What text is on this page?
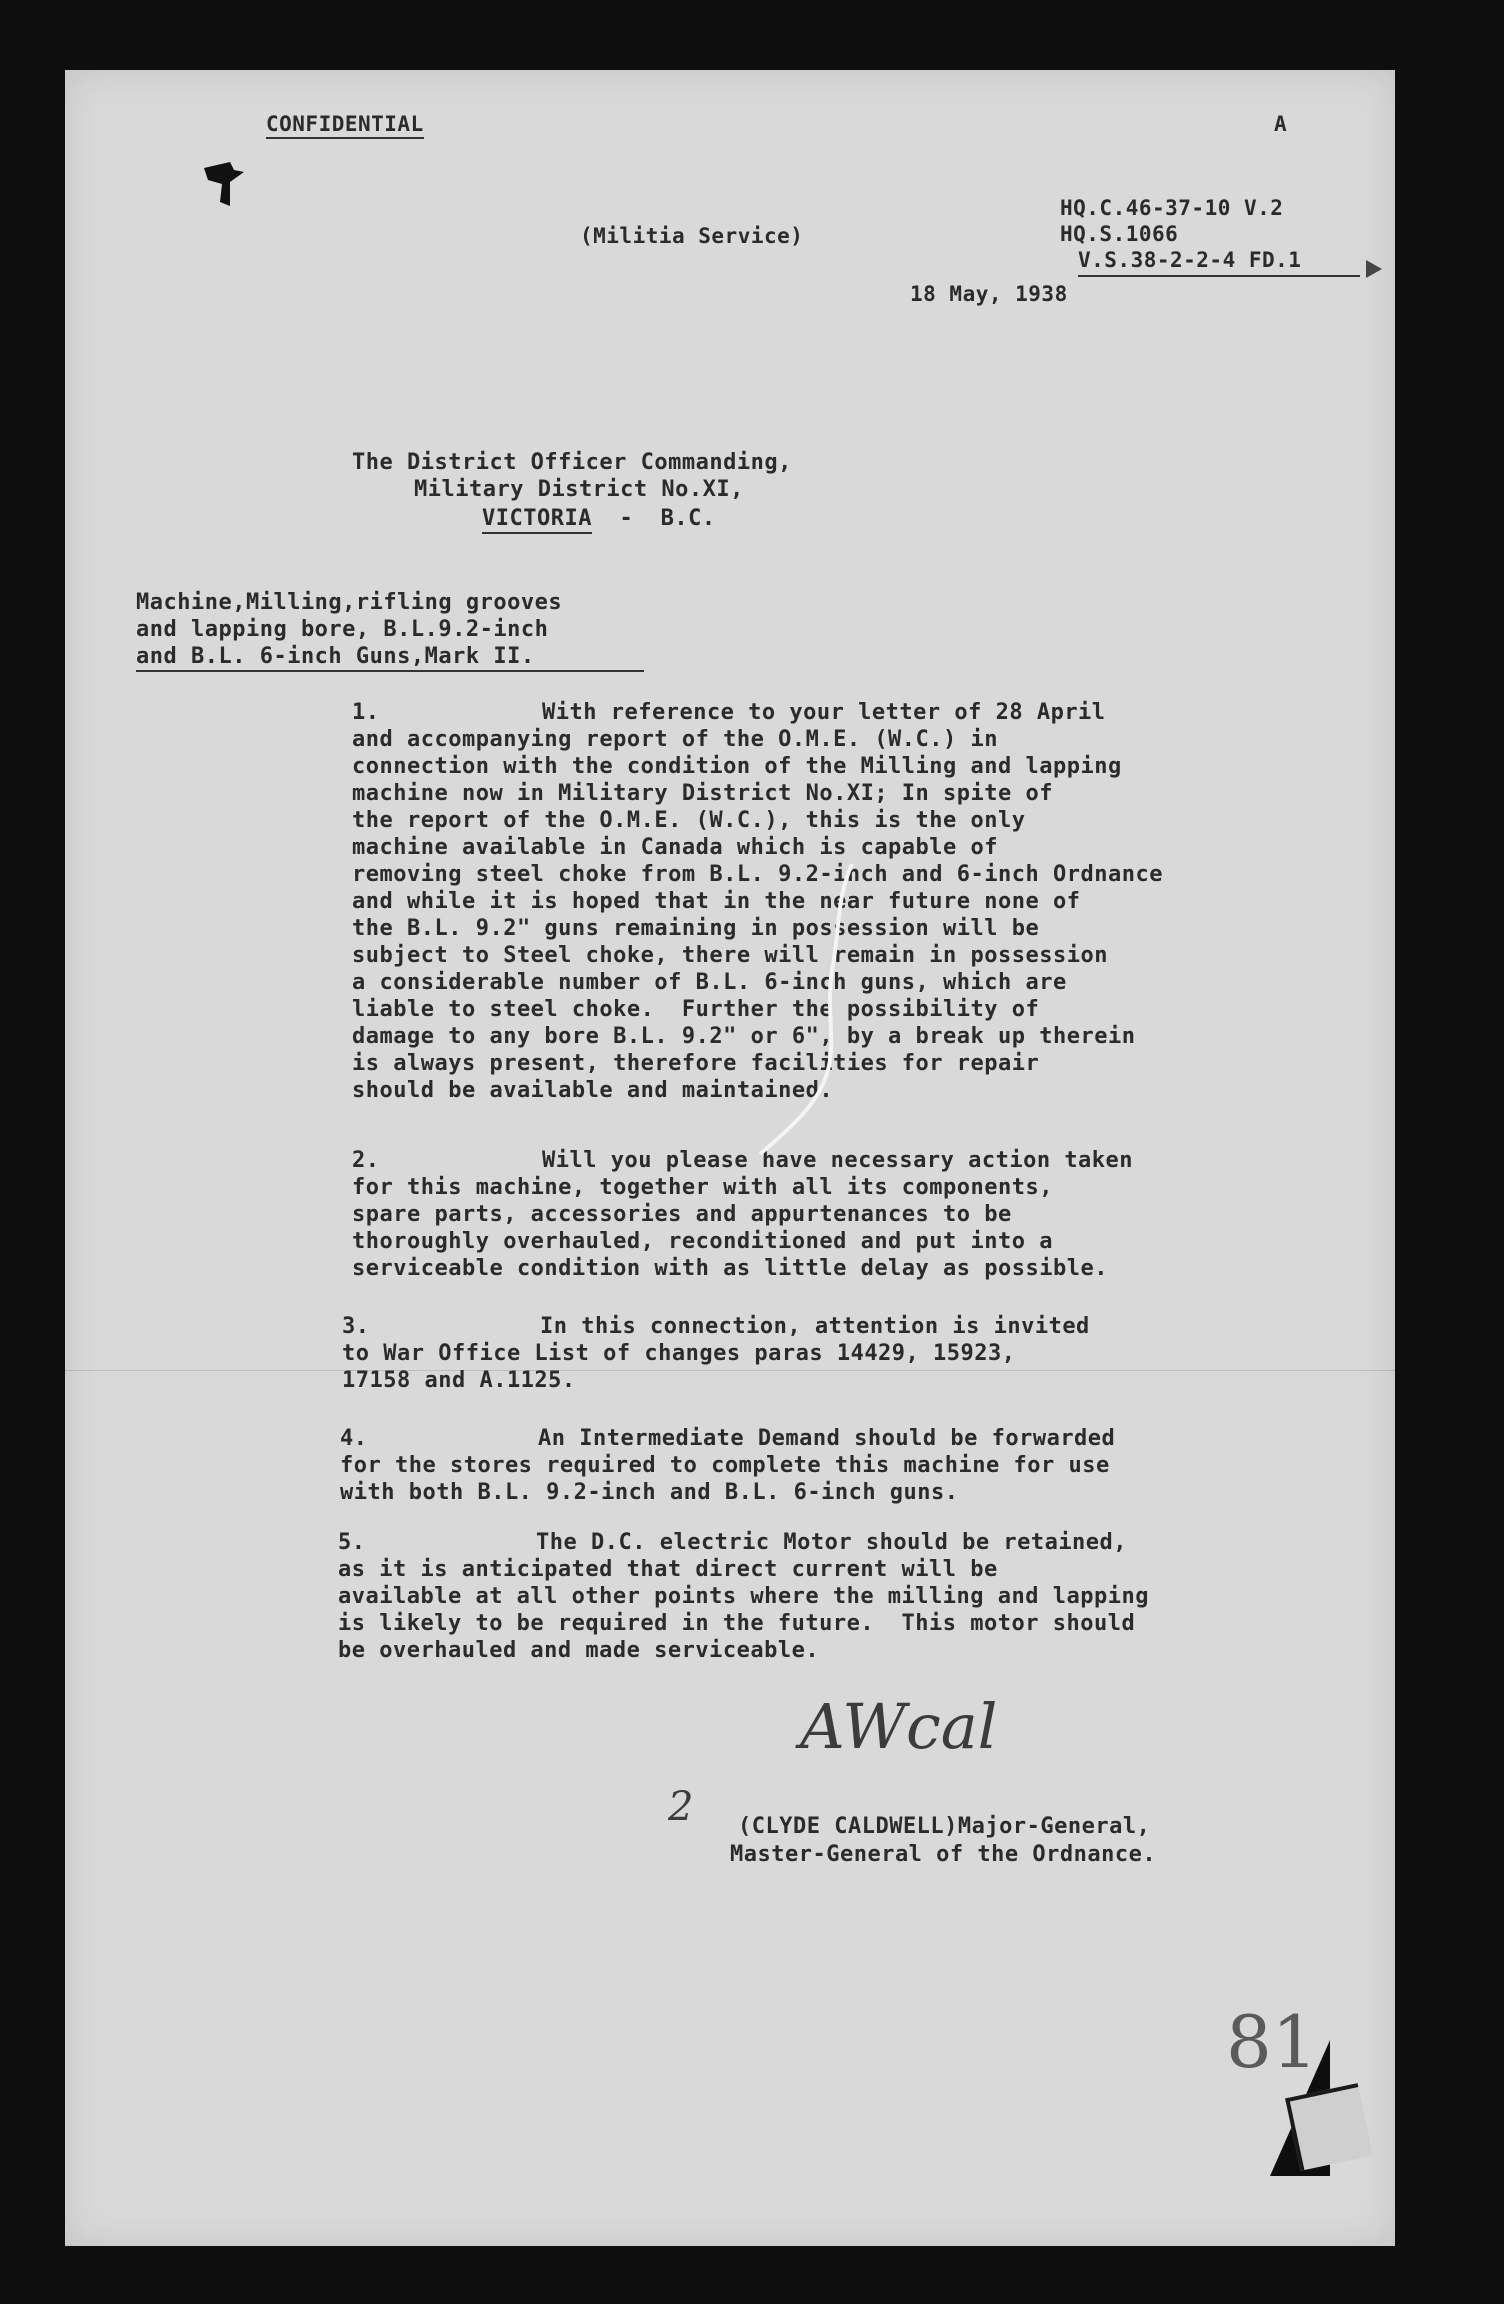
CONFIDENTIAL	A

HQ.C.46-37-10 V.2

HQ.S.1066

V.S.38-2-2-4 FD.1

(Militia Service)

18 May, 1938

The District Officer Commanding,

Military District No.XI,

VICTORIA  -  B.C.

Machine,Milling,rifling grooves

and lapping bore, B.L.9.2-inch

and B.L. 6-inch Guns,Mark II.

1.	With reference to your letter of 28 April

and accompanying report of the O.M.E. (W.C.) in

connection with the condition of the Milling and lapping

machine now in Military District No.XI; In spite of

the report of the O.M.E. (W.C.), this is the only

machine available in Canada which is capable of

removing steel choke from B.L. 9.2-inch and 6-inch Ordnance

and while it is hoped that in the near future none of

the B.L. 9.2" guns remaining in possession will be

subject to Steel choke, there will remain in possession

a considerable number of B.L. 6-inch guns, which are

liable to steel choke.  Further the possibility of

damage to any bore B.L. 9.2" or 6", by a break up therein

is always present, therefore facilities for repair

should be available and maintained.

2.	Will you please have necessary action taken

for this machine, together with all its components,

spare parts, accessories and appurtenances to be

thoroughly overhauled, reconditioned and put into a

serviceable condition with as little delay as possible.

3.	In this connection, attention is invited

to War Office List of changes paras 14429, 15923,

17158 and A.1125.

4.	An Intermediate Demand should be forwarded

for the stores required to complete this machine for use

with both B.L. 9.2-inch and B.L. 6-inch guns.

5.	The D.C. electric Motor should be retained,

as it is anticipated that direct current will be

available at all other points where the milling and lapping

is likely to be required in the future.  This motor should

be overhauled and made serviceable.

AWcal
2 (CLYDE CALDWELL)Major-General,

Master-General of the Ordnance.

81
